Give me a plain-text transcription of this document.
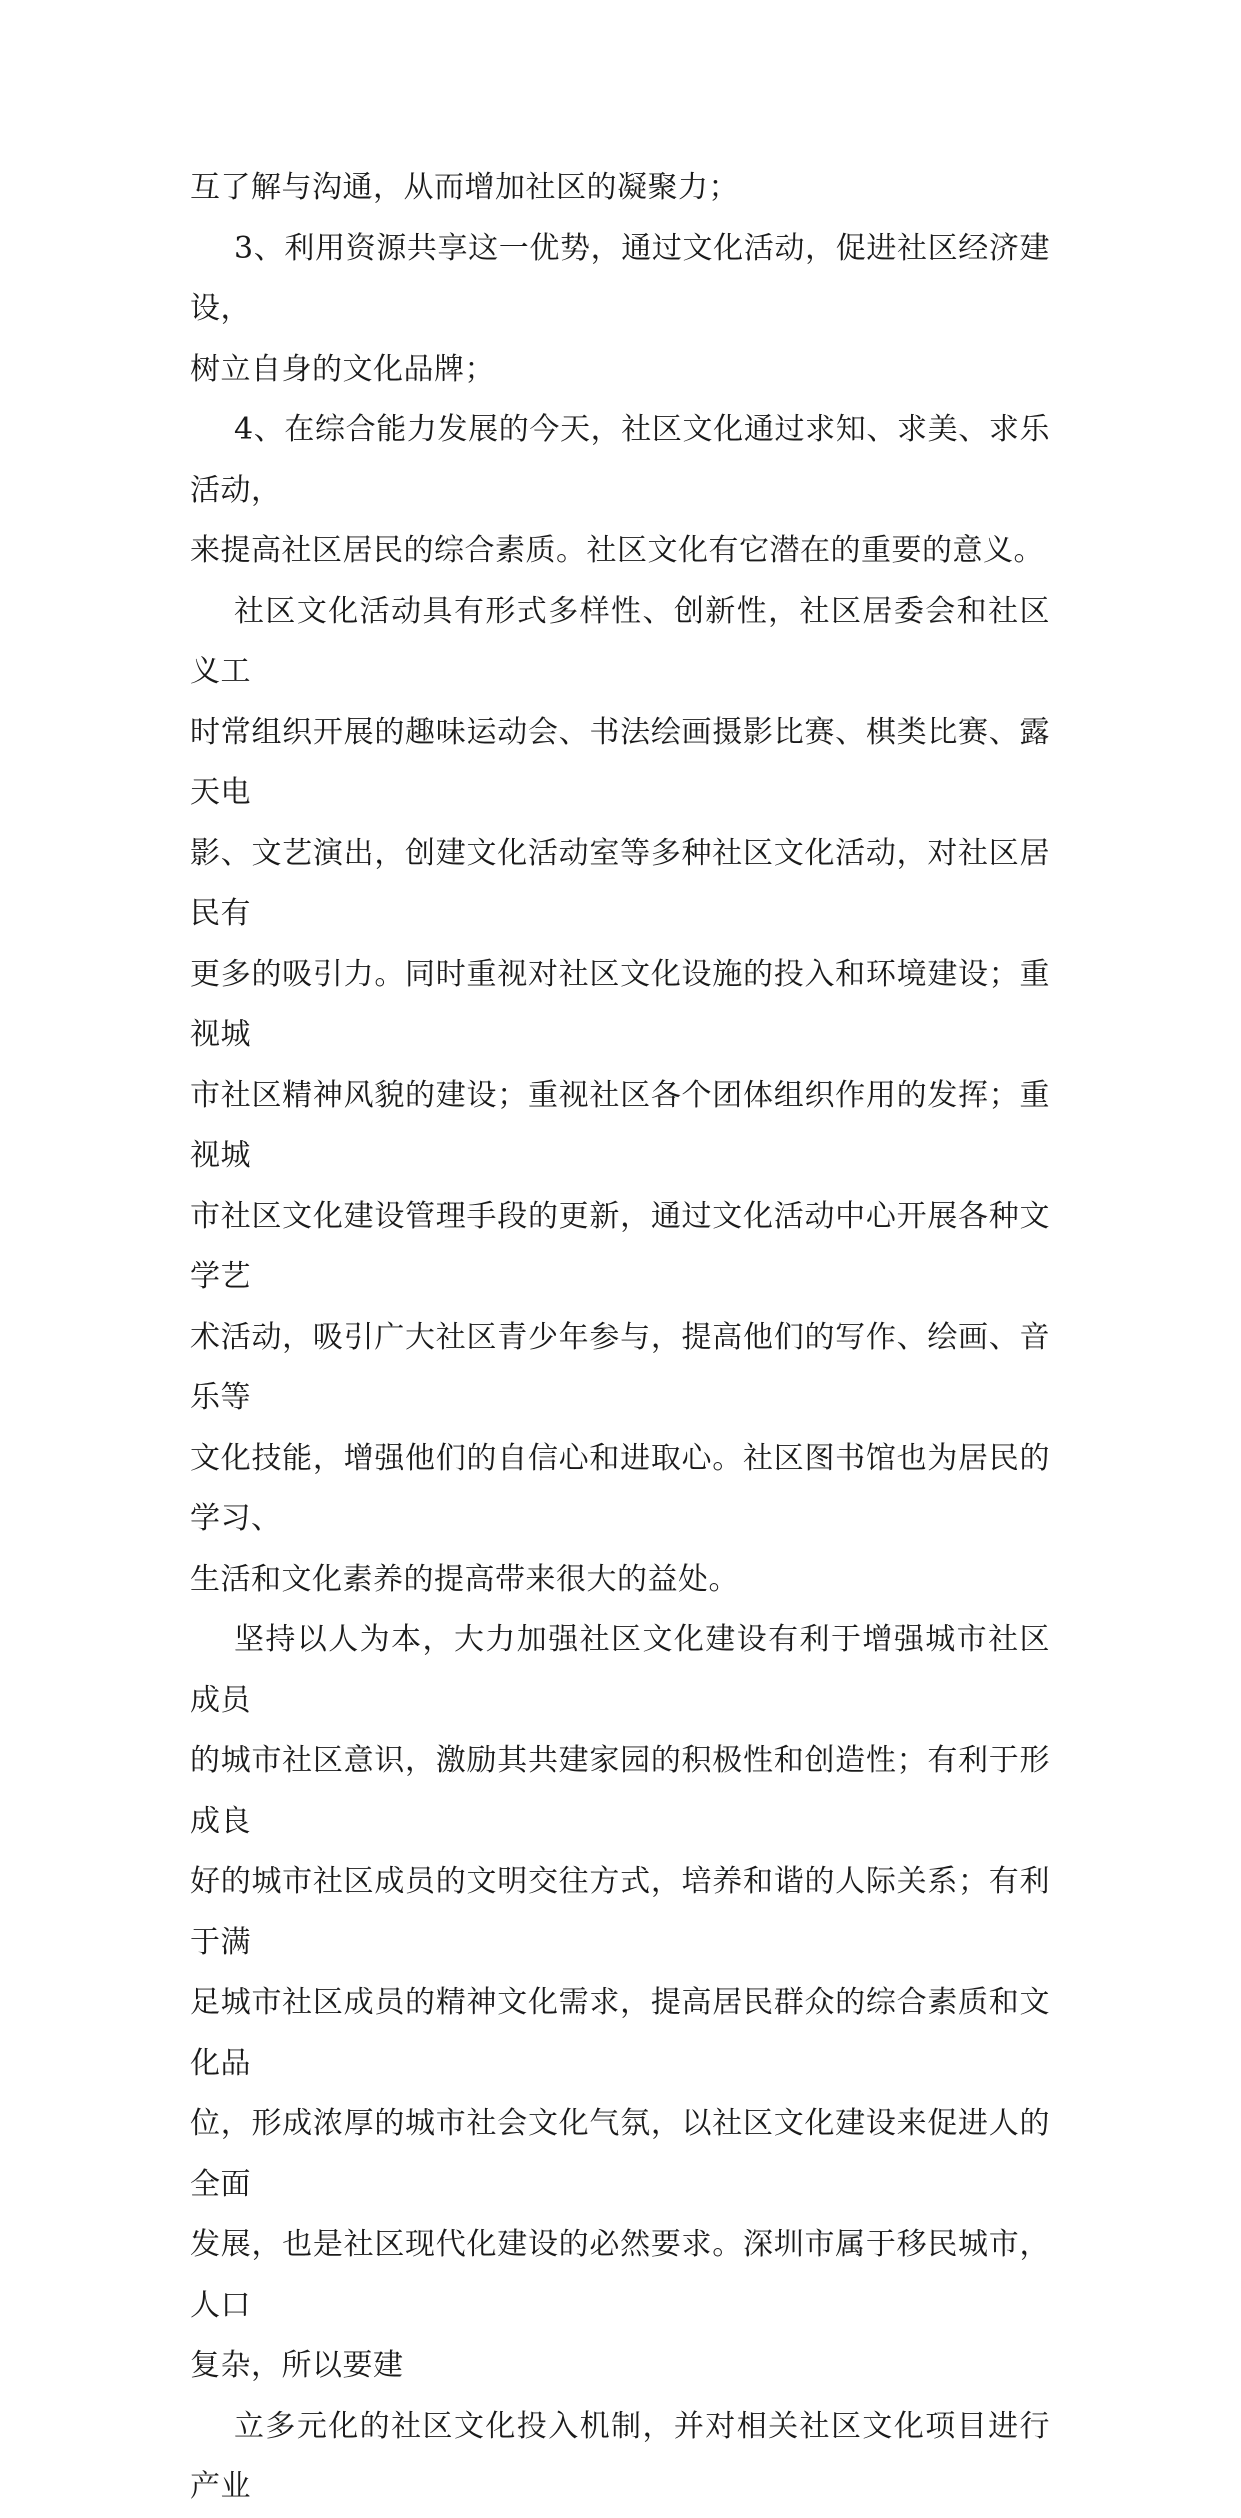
互了解与沟通，从而增加社区的凝聚力；

3、利用资源共享这一优势，通过文化活动，促进社区经济建设，
树立自身的文化品牌；

4、在综合能力发展的今天，社区文化通过求知、求美、求乐活动，
来提高社区居民的综合素质。社区文化有它潜在的重要的意义。

社区文化活动具有形式多样性、创新性，社区居委会和社区义工
时常组织开展的趣味运动会、书法绘画摄影比赛、棋类比赛、露天电
影、文艺演出，创建文化活动室等多种社区文化活动，对社区居民有
更多的吸引力。同时重视对社区文化设施的投入和环境建设；重视城
市社区精神风貌的建设；重视社区各个团体组织作用的发挥；重视城
市社区文化建设管理手段的更新，通过文化活动中心开展各种文学艺
术活动，吸引广大社区青少年参与，提高他们的写作、绘画、音乐等
文化技能，增强他们的自信心和进取心。社区图书馆也为居民的学习、
生活和文化素养的提高带来很大的益处。

坚持以人为本，大力加强社区文化建设有利于增强城市社区成员
的城市社区意识，激励其共建家园的积极性和创造性；有利于形成良
好的城市社区成员的文明交往方式，培养和谐的人际关系；有利于满
足城市社区成员的精神文化需求，提高居民群众的综合素质和文化品
位，形成浓厚的城市社会文化气氛，以社区文化建设来促进人的全面
发展，也是社区现代化建设的必然要求。深圳市属于移民城市，人口
复杂，所以要建

立多元化的社区文化投入机制，并对相关社区文化项目进行产业
